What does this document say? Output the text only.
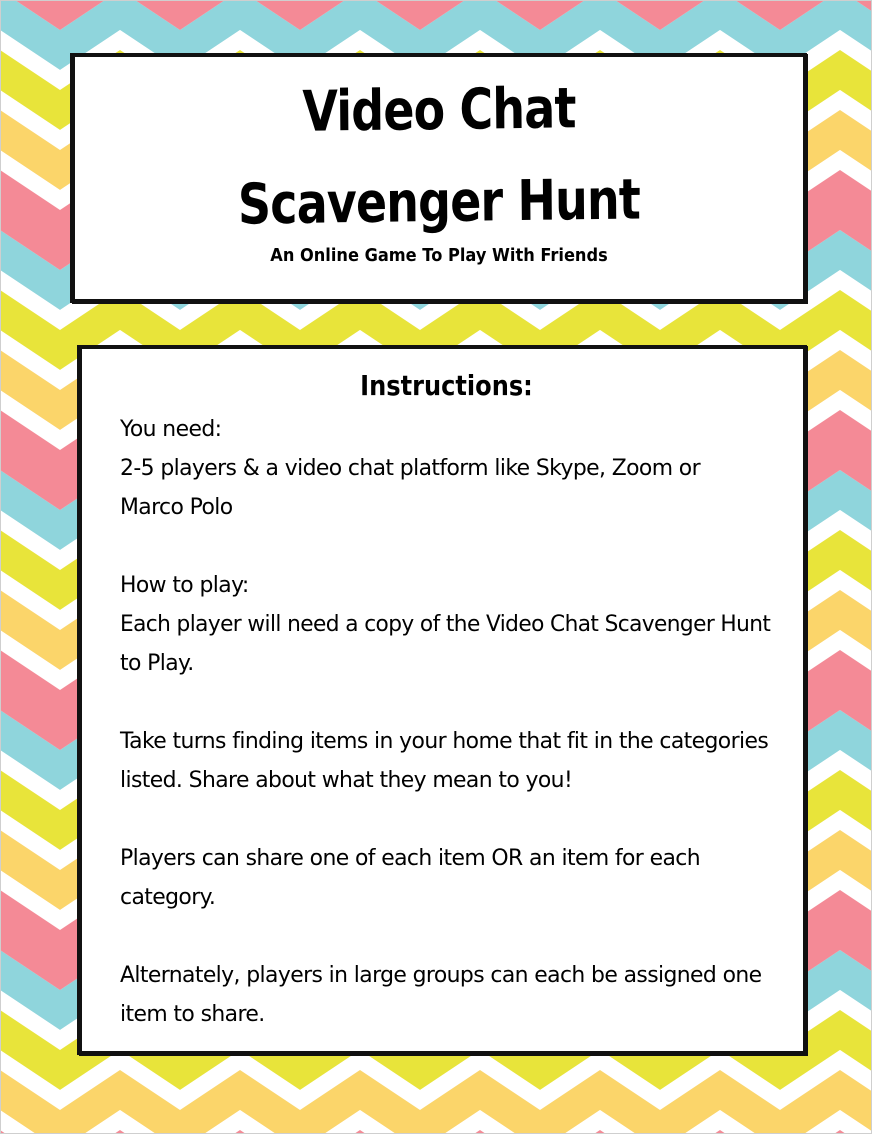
Video Chat
Scavenger Hunt
An Online Game To Play With Friends
Instructions:
You need:
2-5 players & a video chat platform like Skype, Zoom or
Marco Polo
How to play:
Each player will need a copy of the Video Chat Scavenger Hunt
to Play.
Take turns finding items in your home that fit in the categories
listed. Share about what they mean to you!
Players can share one of each item OR an item for each
category.
Alternately, players in large groups can each be assigned one
item to share.
